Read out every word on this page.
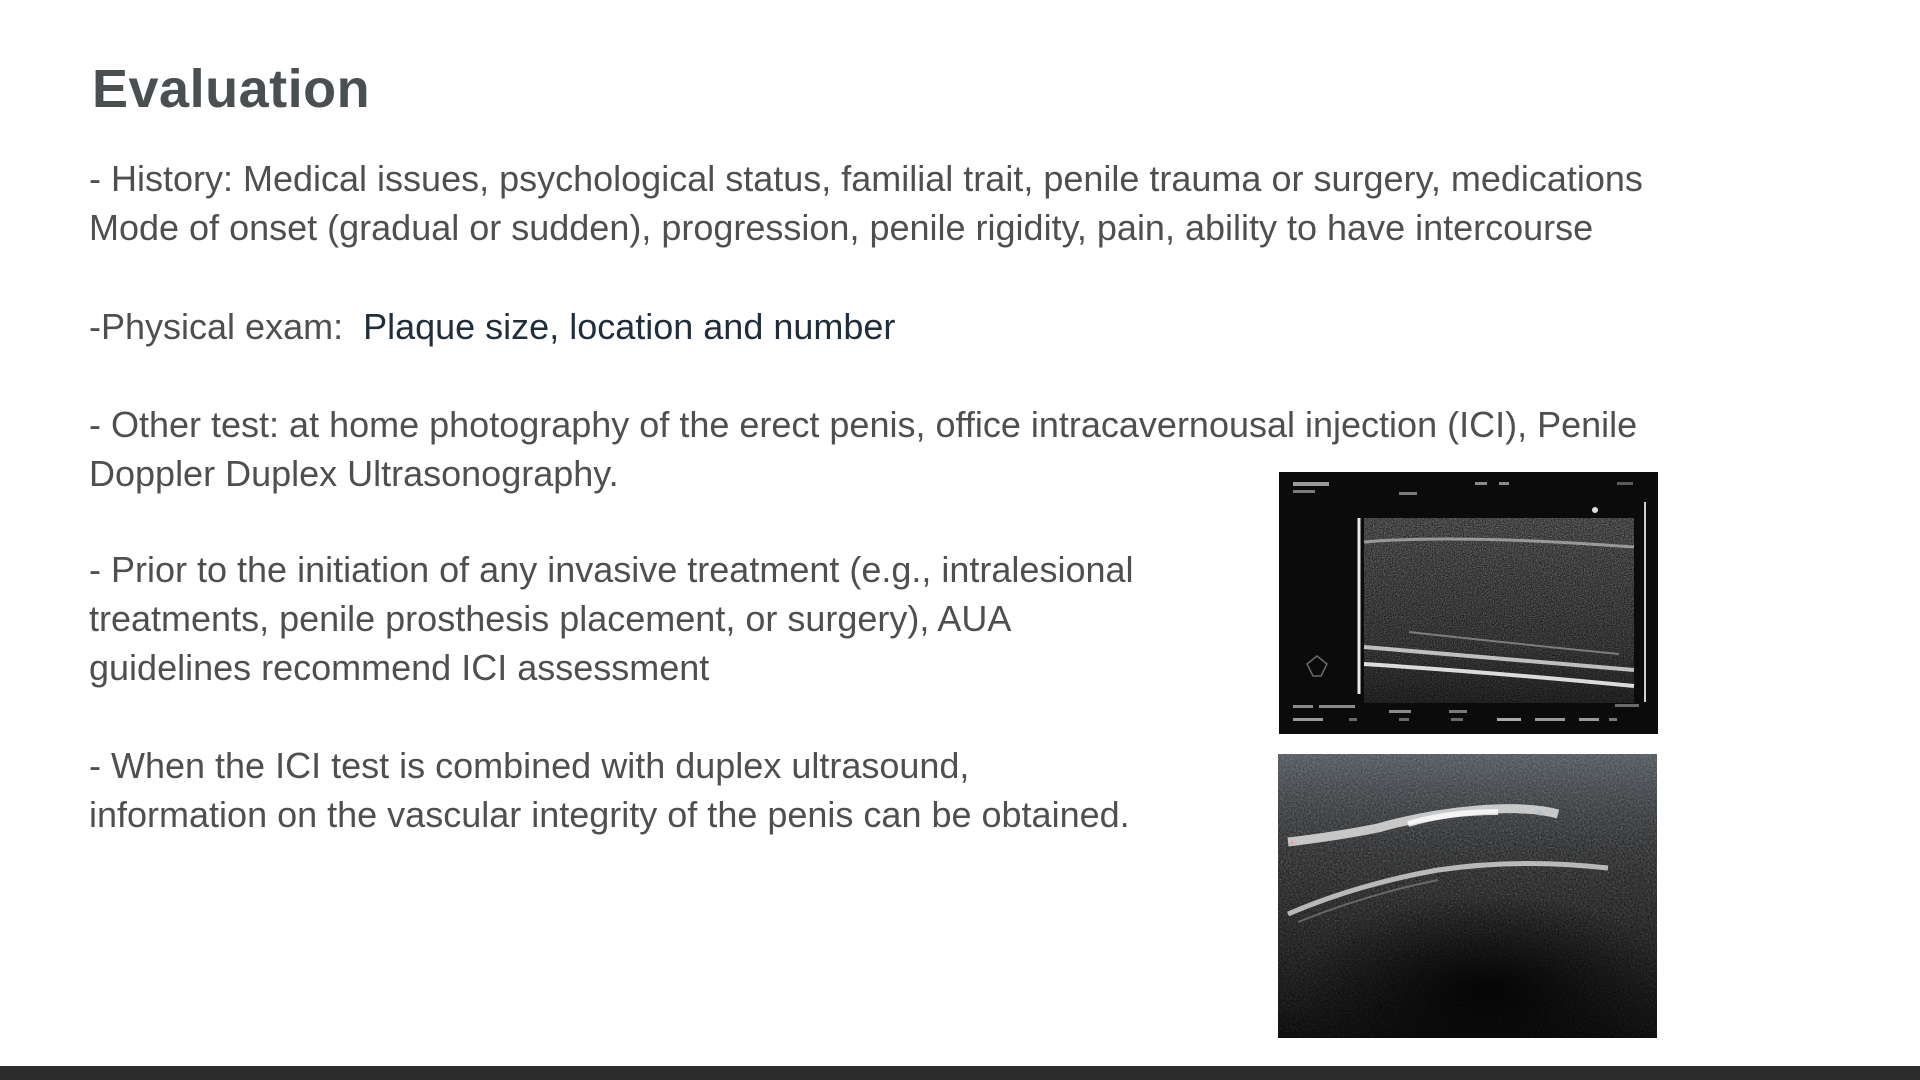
Evaluation

- History: Medical issues, psychological status, familial trait, penile trauma or surgery, medications
Mode of onset (gradual or sudden), progression, penile rigidity, pain, ability to have intercourse

-Physical exam:  Plaque size, location and number

- Other test: at home photography of the erect penis, office intracavernousal injection (ICI), Penile
Doppler Duplex Ultrasonography.

- Prior to the initiation of any invasive treatment (e.g., intralesional
treatments, penile prosthesis placement, or surgery), AUA
guidelines recommend ICI assessment

- When the ICI test is combined with duplex ultrasound,
information on the vascular integrity of the penis can be obtained.

+
+
